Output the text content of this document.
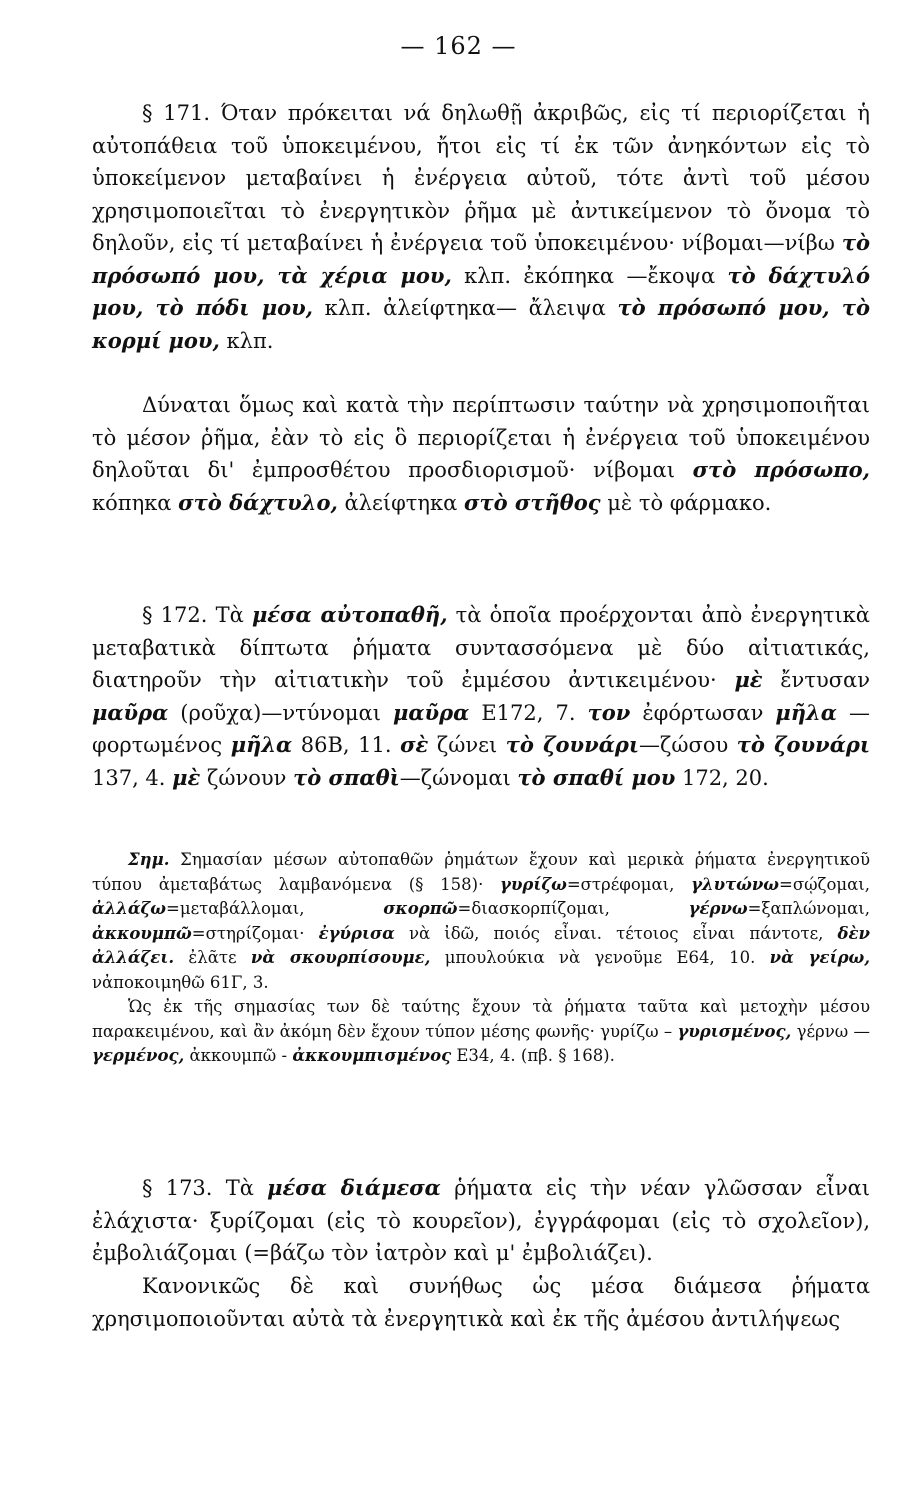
— 162 —

§ 171. Όταν πρόκειται νά δηλωθῇ ἀκριβῶς, εἰς τί περιορίζεται ἡ αὐτοπάθεια τοῦ ὑποκειμένου, ἤτοι εἰς τί ἐκ τῶν ἀνηκόντων εἰς τὸ ὑποκείμενον μεταβαίνει ἡ ἐνέργεια αὐτοῦ, τότε ἀντὶ τοῦ μέσου χρησιμοποιεῖται τὸ ἐνεργητικὸν ῥῆμα μὲ ἀντικείμενον τὸ ὄνομα τὸ δηλοῦν, εἰς τί μεταβαίνει ἡ ἐνέργεια τοῦ ὑποκειμένου· νίβομαι—νίβω τὸ πρόσωπό μου, τὰ χέρια μου, κλπ. ἐκόπηκα —ἔκοψα τὸ δάχτυλό μου, τὸ πόδι μου, κλπ. ἀλείφτηκα— ἄλειψα τὸ πρόσωπό μου, τὸ κορμί μου, κλπ.

Δύναται ὅμως καὶ κατὰ τὴν περίπτωσιν ταύτην νὰ χρησιμοποιῆται τὸ μέσον ῥῆμα, ἐὰν τὸ εἰς ὃ περιορίζεται ἡ ἐνέργεια τοῦ ὑποκειμένου δηλοῦται δι' ἐμπροσθέτου προσδιορισμοῦ· νίβομαι στὸ πρόσωπο, κόπηκα στὸ δάχτυλο, ἀλείφτηκα στὸ στῆθος μὲ τὸ φάρμακο.

§ 172. Τὰ μέσα αὐτοπαθῆ, τὰ ὁποῖα προέρχονται ἀπὸ ἐνεργητικὰ μεταβατικὰ δίπτωτα ῥήματα συντασσόμενα μὲ δύο αἰτιατικάς, διατηροῦν τὴν αἰτιατικὴν τοῦ ἐμμέσου ἀντικειμένου· μὲ ἔντυσαν μαῦρα (ροῦχα)—ντύνομαι μαῦρα Ε172, 7. τον ἐφόρτωσαν μῆλα —φορτωμένος μῆλα 86Β, 11. σὲ ζώνει τὸ ζουνάρι—ζώσου τὸ ζουνάρι 137, 4. μὲ ζώνουν τὸ σπαθὶ—ζώνομαι τὸ σπαθί μου 172, 20.

Σημ. Σημασίαν μέσων αὐτοπαθῶν ῥημάτων ἔχουν καὶ μερικὰ ῥήματα ἐνεργητικοῦ τύπου ἀμεταβάτως λαμβανόμενα (§ 158)· γυρίζω=στρέφομαι, γλυτώνω=σῴζομαι, ἀλλάζω=μεταβάλλομαι, σκορπῶ=διασκορπίζομαι, γέρνω=ξαπλώνομαι, ἀκκουμπῶ=στηρίζομαι· ἐγύρισα νὰ ἰδῶ, ποιός εἶναι. τέτοιος εἶναι πάντοτε, δὲν ἀλλάζει. ἐλᾶτε νὰ σκουρπίσουμε, μπουλούκια νὰ γενοῦμε Ε64, 10. νὰ γείρω, νἀποκοιμηθῶ 61Γ, 3.

Ὡς ἐκ τῆς σημασίας των δὲ ταύτης ἔχουν τὰ ῥήματα ταῦτα καὶ μετοχὴν μέσου παρακειμένου, καὶ ἂν ἀκόμη δὲν ἔχουν τύπον μέσης φωνῆς· γυρίζω – γυρισμένος, γέρνω — γερμένος, ἀκκουμπῶ - ἀκκουμπισμένος Ε34, 4. (πβ. § 168).

§ 173. Τὰ μέσα διάμεσα ῥήματα εἰς τὴν νέαν γλῶσσαν εἶναι ἐλάχιστα· ξυρίζομαι (εἰς τὸ κουρεῖον), ἐγγράφομαι (εἰς τὸ σχολεῖον), ἐμβολιάζομαι (=βάζω τὸν ἰατρὸν καὶ μ' ἐμβολιάζει).

Κανονικῶς δὲ καὶ συνήθως ὡς μέσα διάμεσα ῥήματα χρησιμοποιοῦνται αὐτὰ τὰ ἐνεργητικὰ καὶ ἐκ τῆς ἀμέσου ἀντιλήψεως
